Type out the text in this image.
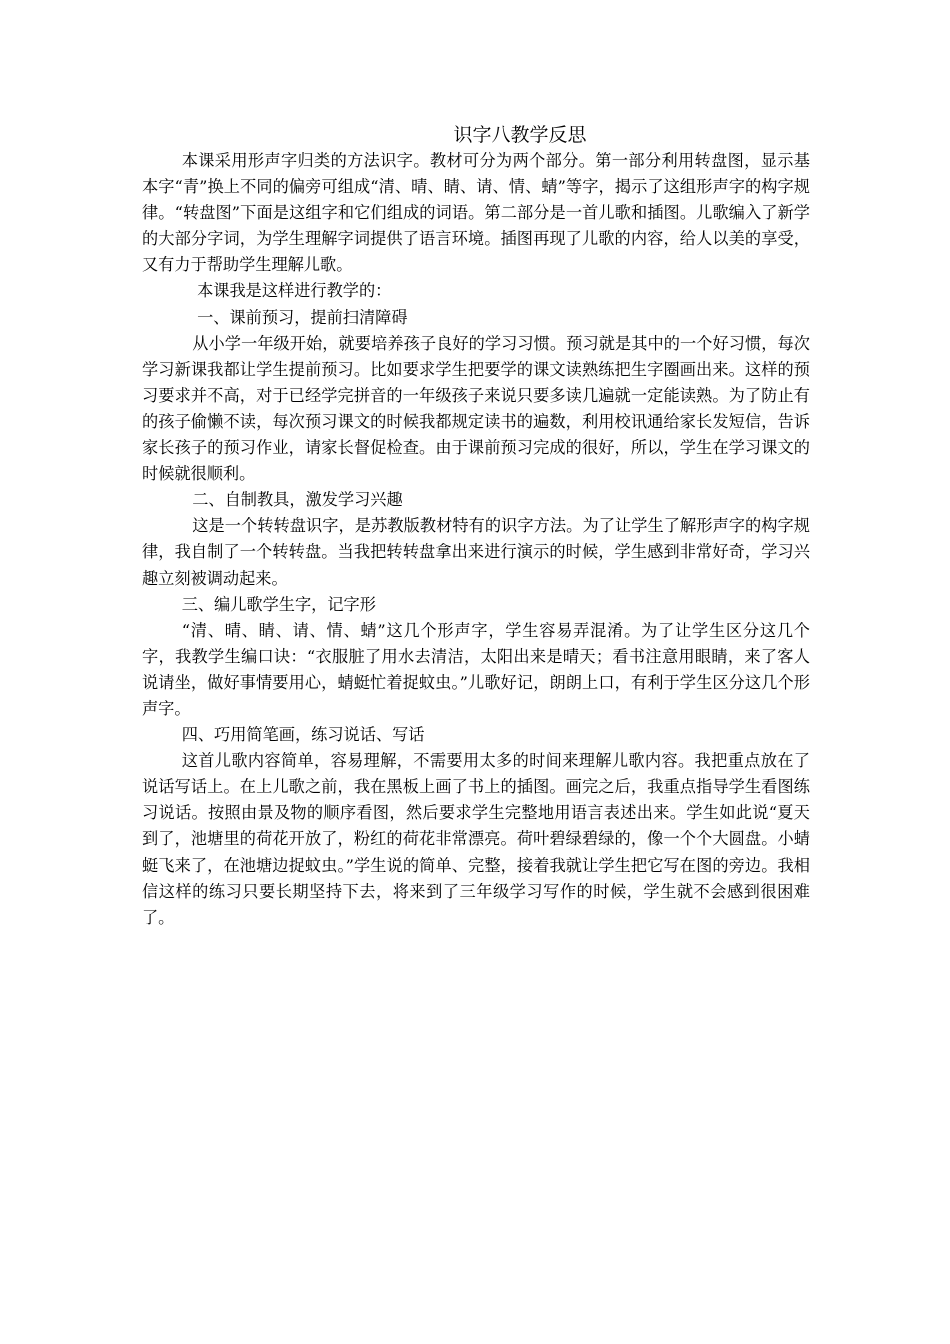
识字八教学反思

本课采用形声字归类的方法识字。教材可分为两个部分。第一部分利用转盘图，显示基本字“青”换上不同的偏旁可组成“清、晴、睛、请、情、蜻”等字，揭示了这组形声字的构字规律。“转盘图”下面是这组字和它们组成的词语。第二部分是一首儿歌和插图。儿歌编入了新学的大部分字词，为学生理解字词提供了语言环境。插图再现了儿歌的内容，给人以美的享受，又有力于帮助学生理解儿歌。

本课我是这样进行教学的：

一、课前预习，提前扫清障碍

从小学一年级开始，就要培养孩子良好的学习习惯。预习就是其中的一个好习惯，每次学习新课我都让学生提前预习。比如要求学生把要学的课文读熟练把生字圈画出来。这样的预习要求并不高，对于已经学完拼音的一年级孩子来说只要多读几遍就一定能读熟。为了防止有的孩子偷懒不读，每次预习课文的时候我都规定读书的遍数，利用校讯通给家长发短信，告诉家长孩子的预习作业，请家长督促检查。由于课前预习完成的很好，所以，学生在学习课文的时候就很顺利。

二、自制教具，激发学习兴趣

这是一个转转盘识字，是苏教版教材特有的识字方法。为了让学生了解形声字的构字规律，我自制了一个转转盘。当我把转转盘拿出来进行演示的时候，学生感到非常好奇，学习兴趣立刻被调动起来。

三、编儿歌学生字，记字形

“清、晴、睛、请、情、蜻”这几个形声字，学生容易弄混淆。为了让学生区分这几个字，我教学生编口诀：“衣服脏了用水去清洁，太阳出来是晴天；看书注意用眼睛，来了客人说请坐，做好事情要用心，蜻蜓忙着捉蚊虫。”儿歌好记，朗朗上口，有利于学生区分这几个形声字。

四、巧用简笔画，练习说话、写话

这首儿歌内容简单，容易理解，不需要用太多的时间来理解儿歌内容。我把重点放在了说话写话上。在上儿歌之前，我在黑板上画了书上的插图。画完之后，我重点指导学生看图练习说话。按照由景及物的顺序看图，然后要求学生完整地用语言表述出来。学生如此说“夏天到了，池塘里的荷花开放了，粉红的荷花非常漂亮。荷叶碧绿碧绿的，像一个个大圆盘。小蜻蜓飞来了，在池塘边捉蚊虫。”学生说的简单、完整，接着我就让学生把它写在图的旁边。我相信这样的练习只要长期坚持下去，将来到了三年级学习写作的时候，学生就不会感到很困难了。
